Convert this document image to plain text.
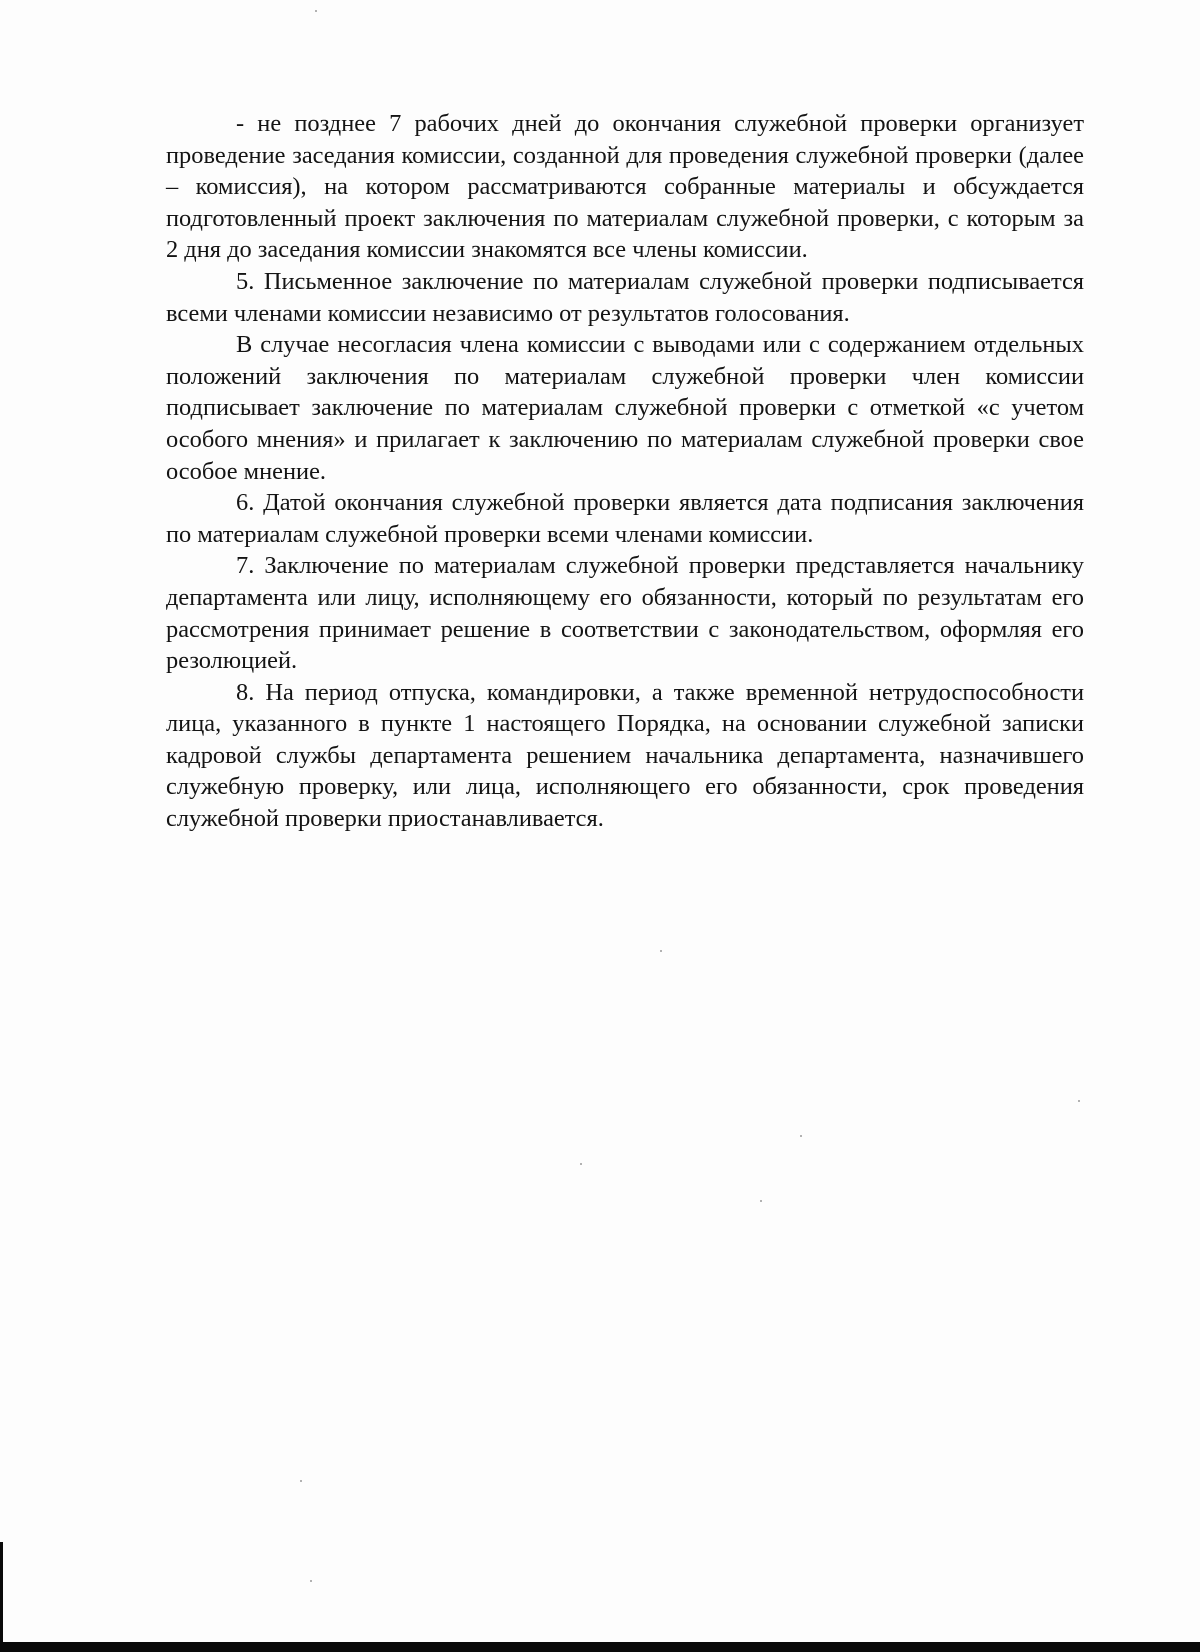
- не позднее 7 рабочих дней до окончания служебной проверки организует проведение заседания комиссии, созданной для проведения служебной проверки (далее – комиссия), на котором рассматриваются собранные материалы и обсуждается подготовленный проект заключения по материалам служебной проверки, с которым за 2 дня до заседания комиссии знакомятся все члены комиссии.

5. Письменное заключение по материалам служебной проверки подписывается всеми членами комиссии независимо от результатов голосования.

В случае несогласия члена комиссии с выводами или с содержанием отдельных положений заключения по материалам служебной проверки член комиссии подписывает заключение по материалам служебной проверки с отметкой «с учетом особого мнения» и прилагает к заключению по материалам служебной проверки свое особое мнение.

6. Датой окончания служебной проверки является дата подписания заключения по материалам служебной проверки всеми членами комиссии.

7. Заключение по материалам служебной проверки представляется начальнику департамента или лицу, исполняющему его обязанности, который по результатам его рассмотрения принимает решение в соответствии с законодательством, оформляя его резолюцией.

8. На период отпуска, командировки, а также временной нетрудоспособности лица, указанного в пункте 1 настоящего Порядка, на основании служебной записки кадровой службы департамента решением начальника департамента, назначившего служебную проверку, или лица, исполняющего его обязанности, срок проведения служебной проверки приостанавливается.
